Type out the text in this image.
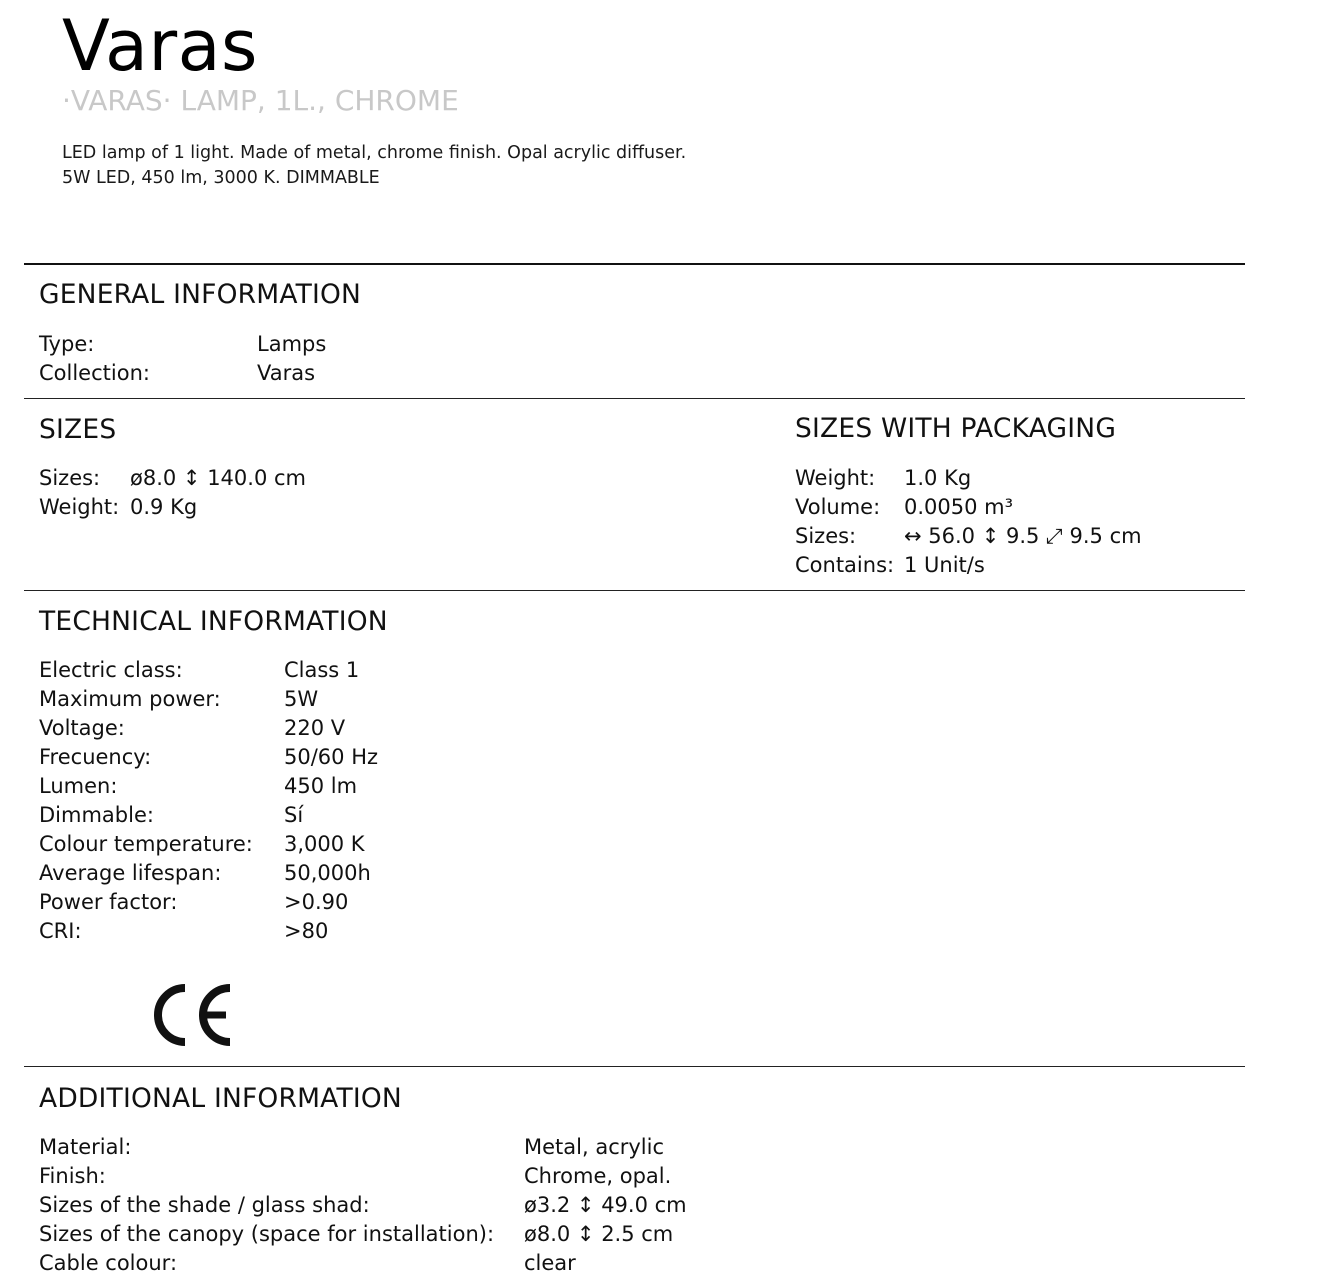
Varas
·VARAS· LAMP, 1L., CHROME
LED lamp of 1 light. Made of metal, chrome finish. Opal acrylic diffuser.
5W LED, 450 lm, 3000 K. DIMMABLE
GENERAL INFORMATION
Type:	Lamps
Collection:	Varas
SIZES
Sizes: ø8.0 ↕ 140.0 cm
Weight: 0.9 Kg
SIZES WITH PACKAGING
Weight: 1.0 Kg
Volume: 0.0050 m³
Sizes: ↔ 56.0 ↕ 9.5 ⤢ 9.5 cm
Contains: 1 Unit/s
TECHNICAL INFORMATION
Electric class:	Class 1
Maximum power:	5W
Voltage:	220 V
Frecuency:	50/60 Hz
Lumen:	450 lm
Dimmable:	Sí
Colour temperature: 3,000 K
Average lifespan:	50,000h
Power factor:	>0.90
CRI:	>80
ADDITIONAL INFORMATION
Material:	Metal, acrylic
Finish:	Chrome, opal.
Sizes of the shade / glass shad:	ø3.2 ↕ 49.0 cm
Sizes of the canopy (space for installation): ø8.0 ↕ 2.5 cm
Cable colour:	clear
